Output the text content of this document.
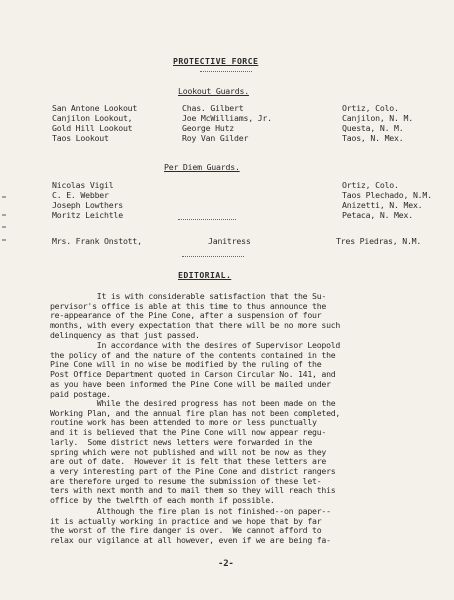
PROTECTIVE FORCE
Lookout Guards.
San Antone Lookout
Canjilon Lookout,
Gold Hill Lookout
Taos Lookout
Chas. Gilbert
Joe McWilliams, Jr.
George Hutz
Roy Van Gilder
Ortiz, Colo.
Canjilon, N. M.
Questa, N. M.
Taos, N. Mex.
Per Diem Guards.
Nicolas Vigil
C. E. Webber
Joseph Lowthers
Moritz Leichtle
Ortiz, Colo.
Taos Plechado, N.M.
Anizetti, N. Mex.
Petaca, N. Mex.
Mrs. Frank Onstott,	Janitress	Tres Piedras, N.M.
EDITORIAL.
It is with considerable satisfaction that the Su-
pervisor's office is able at this time to thus announce the
re-appearance of the Pine Cone, after a suspension of four
months, with every expectation that there will be no more such
delinquency as that just passed.
In accordance with the desires of Supervisor Leopold
the policy of and the nature of the contents contained in the
Pine Cone will in no wise be modified by the ruling of the
Post Office Department quoted in Carson Circular No. 141, and
as you have been informed the Pine Cone will be mailed under
paid postage.
While the desired progress has not been made on the
Working Plan, and the annual fire plan has not been completed,
routine work has been attended to more or less punctually
and it is believed that the Pine Cone will now appear regu-
larly.  Some district news letters were forwarded in the
spring which were not published and will not be now as they
are out of date.  However it is felt that these letters are
a very interesting part of the Pine Cone and district rangers
are therefore urged to resume the submission of these let-
ters with next month and to mail them so they will reach this
office by the twelfth of each month if possible.
Although the fire plan is not finished--on paper--
it is actually working in practice and we hope that by far
the worst of the fire danger is over.  We cannot afford to
relax our vigilance at all however, even if we are being fa-
-2-
